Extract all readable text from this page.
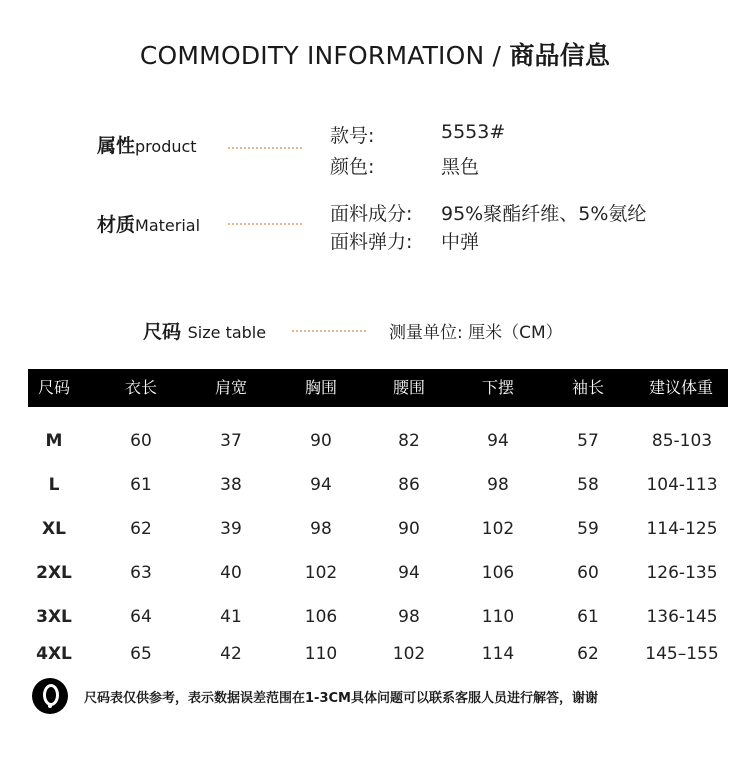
COMMODITY INFORMATION / 商品信息
属性product
材质Material
款号:	5553#
颜色:	黑色
面料成分: 95%聚酯纤维、5%氨纶
面料弹力: 中弹
尺码 Size table	测量单位: 厘米（CM）
尺码	衣长	肩宽	胸围	腰围	下摆	袖长	建议体重
M	60	37	90	82	94	57	85-103
L	61	38	94	86	98	58	104-113
XL	62	39	98	90	102	59	114-125
2XL	63	40	102	94	106	60	126-135
3XL	64	41	106	98	110	61	136-145
4XL	65	42	110	102	114	62	145–155
尺码表仅供参考，表示数据误差范围在1-3CM具体问题可以联系客服人员进行解答，谢谢
